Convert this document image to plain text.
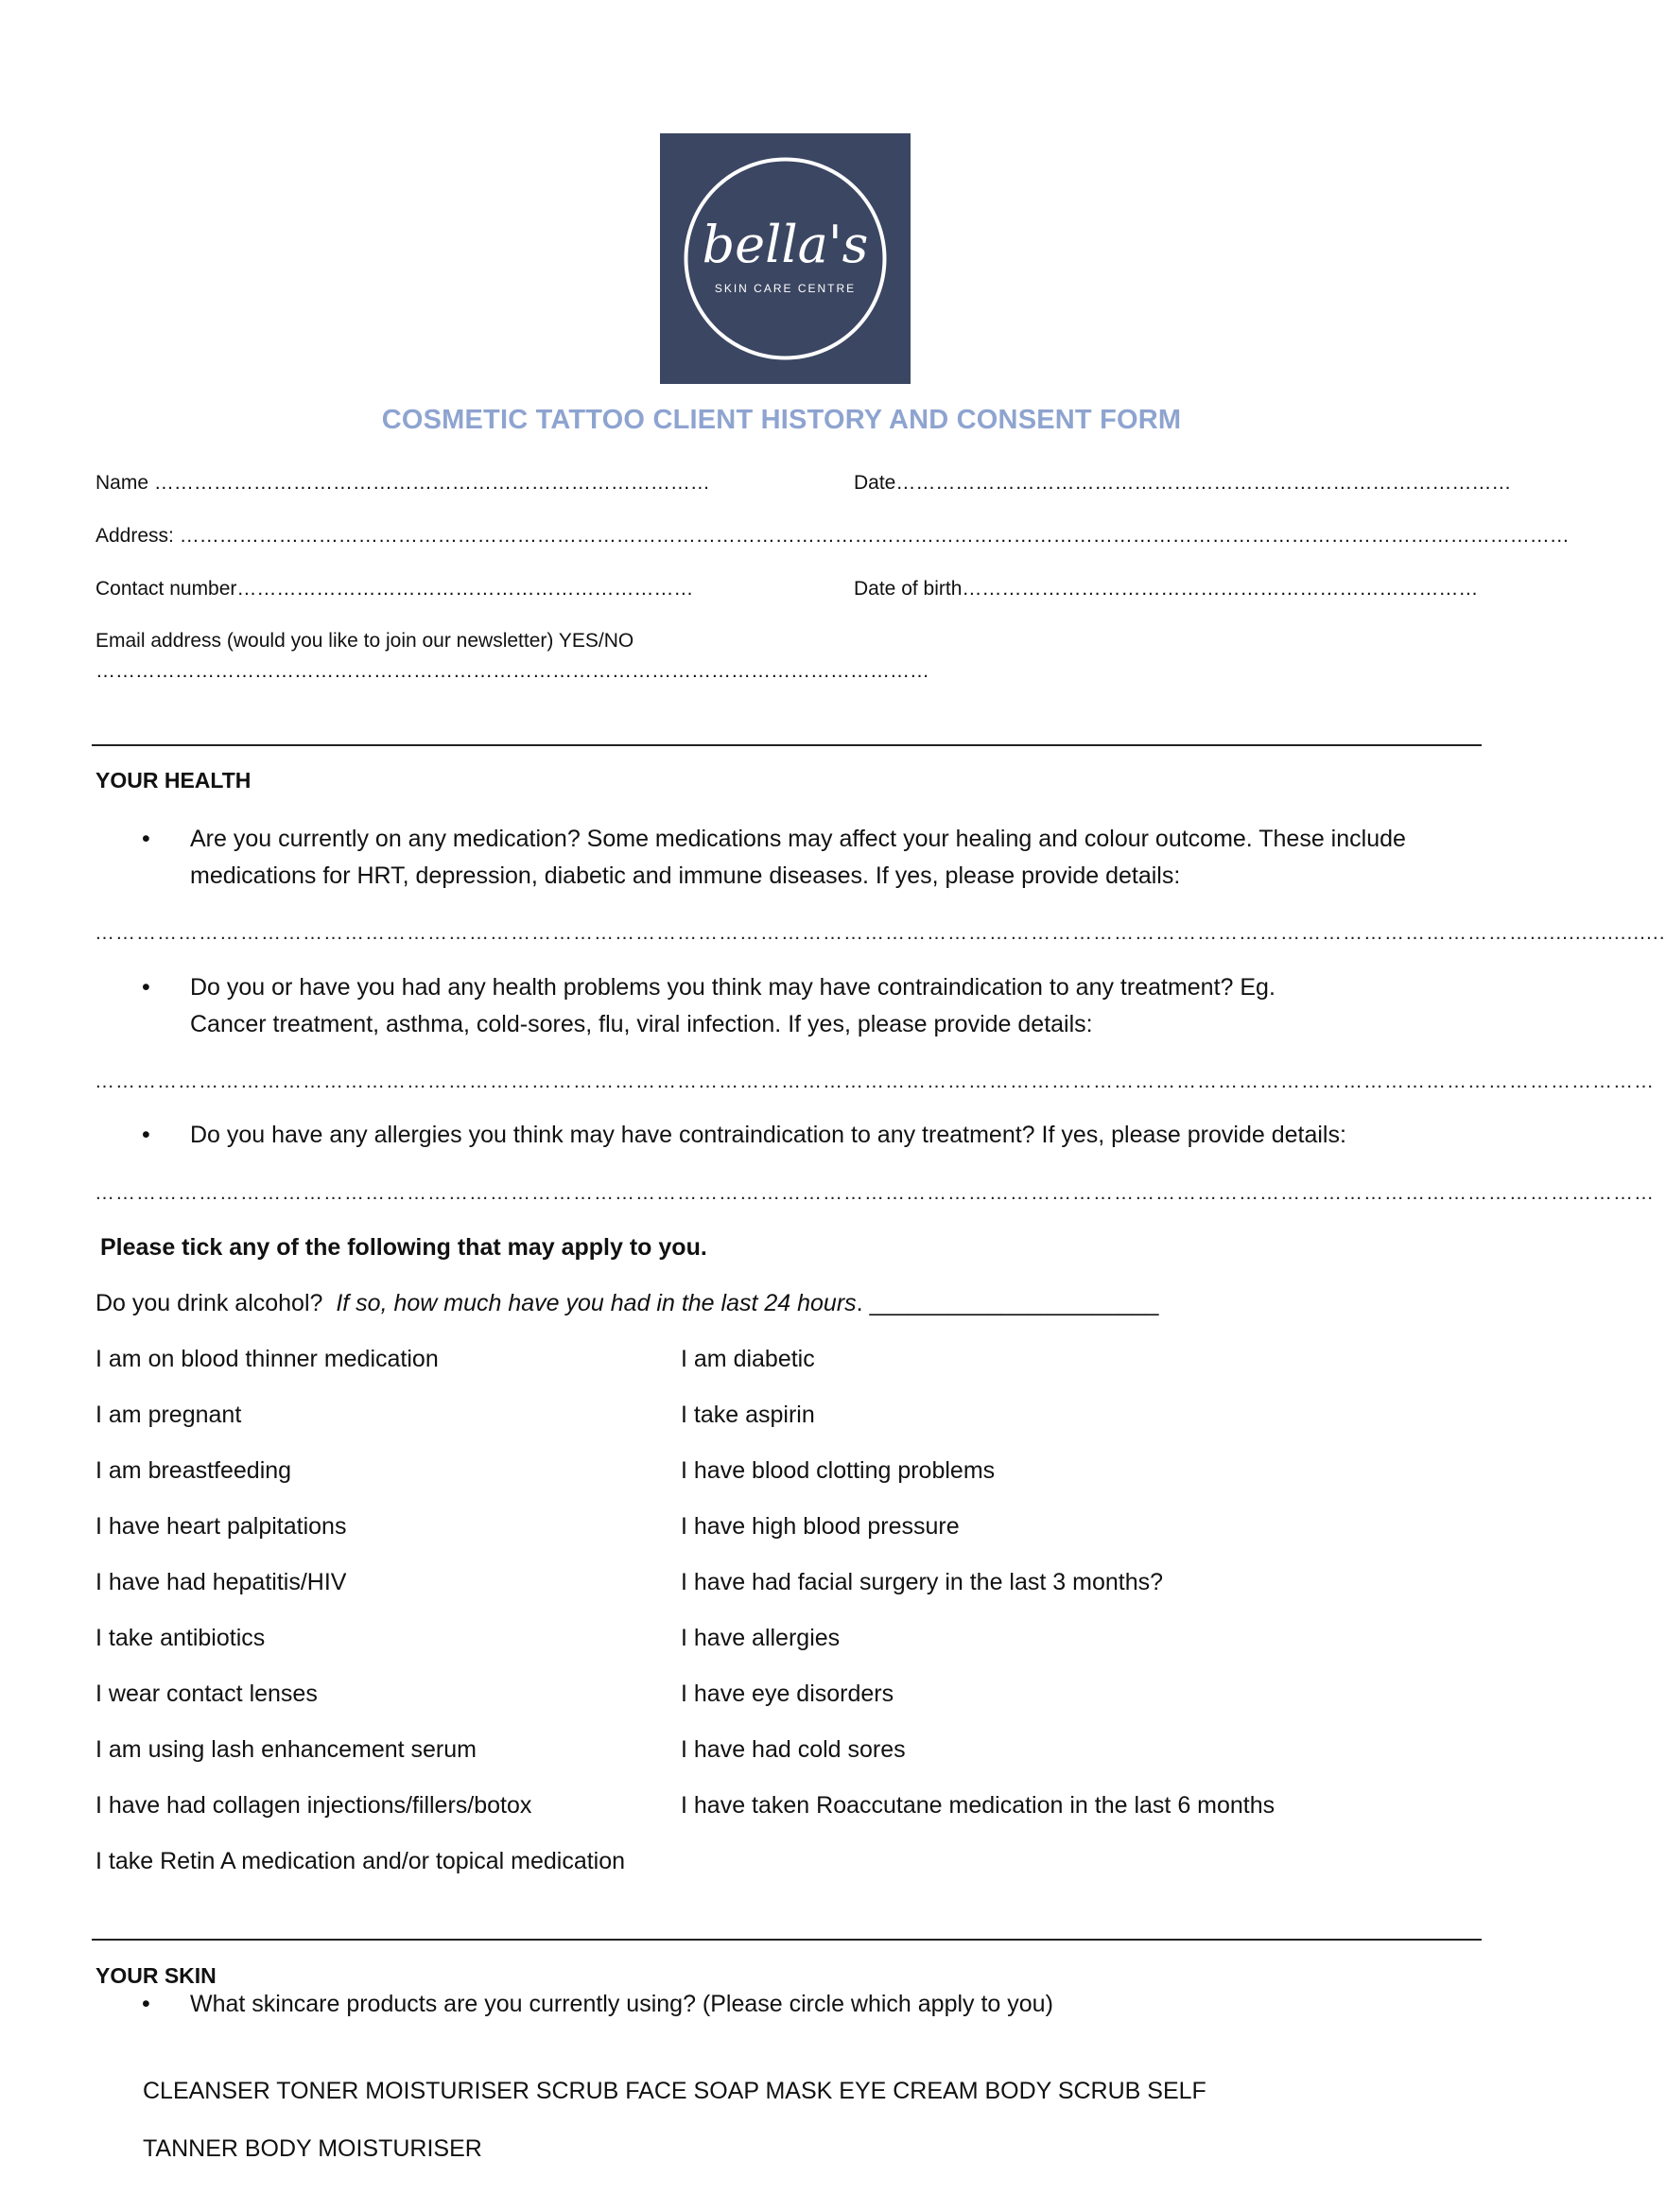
bella's
SKIN CARE CENTRE
COSMETIC TATTOO CLIENT HISTORY AND CONSENT FORM
Name …………………………………………………………………………	Date…………………………………………………………………………………
Address: …………………………………………………………………………………………………………………………………………………………………………………………
Contact number……………………………………………………………	Date of birth……………………………………………………………………
Email address (would you like to join our newsletter) YES/NO
………………………………………………………………………………………………………………
YOUR HEALTH
• Are you currently on any medication? Some medications may affect your healing and colour outcome. These include
medications for HRT, depression, diabetic and immune diseases. If yes, please provide details:
……………………………………………………………………………………………………………………………………………………………………………………….....................
• Do you or have you had any health problems you think may have contraindication to any treatment? Eg.
Cancer treatment, asthma, cold-sores, flu, viral infection. If yes, please provide details:
………………………………………………………………………………………………………………………………………………………………………………………………………
• Do you have any allergies you think may have contraindication to any treatment? If yes, please provide details:
………………………………………………………………………………………………………………………………………………………………………………………………………
Please tick any of the following that may apply to you.
Do you drink alcohol? If so, how much have you had in the last 24 hours. ______________________
I am on blood thinner medication
I am pregnant
I am breastfeeding
I have heart palpitations
I have had hepatitis/HIV
I take antibiotics
I wear contact lenses
I am using lash enhancement serum
I have had collagen injections/fillers/botox
I take Retin A medication and/or topical medication
I am diabetic
I take aspirin
I have blood clotting problems
I have high blood pressure
I have had facial surgery in the last 3 months?
I have allergies
I have eye disorders
I have had cold sores
I have taken Roaccutane medication in the last 6 months
YOUR SKIN
• What skincare products are you currently using? (Please circle which apply to you)
CLEANSER TONER MOISTURISER SCRUB FACE SOAP MASK EYE CREAM BODY SCRUB SELF
TANNER BODY MOISTURISER
